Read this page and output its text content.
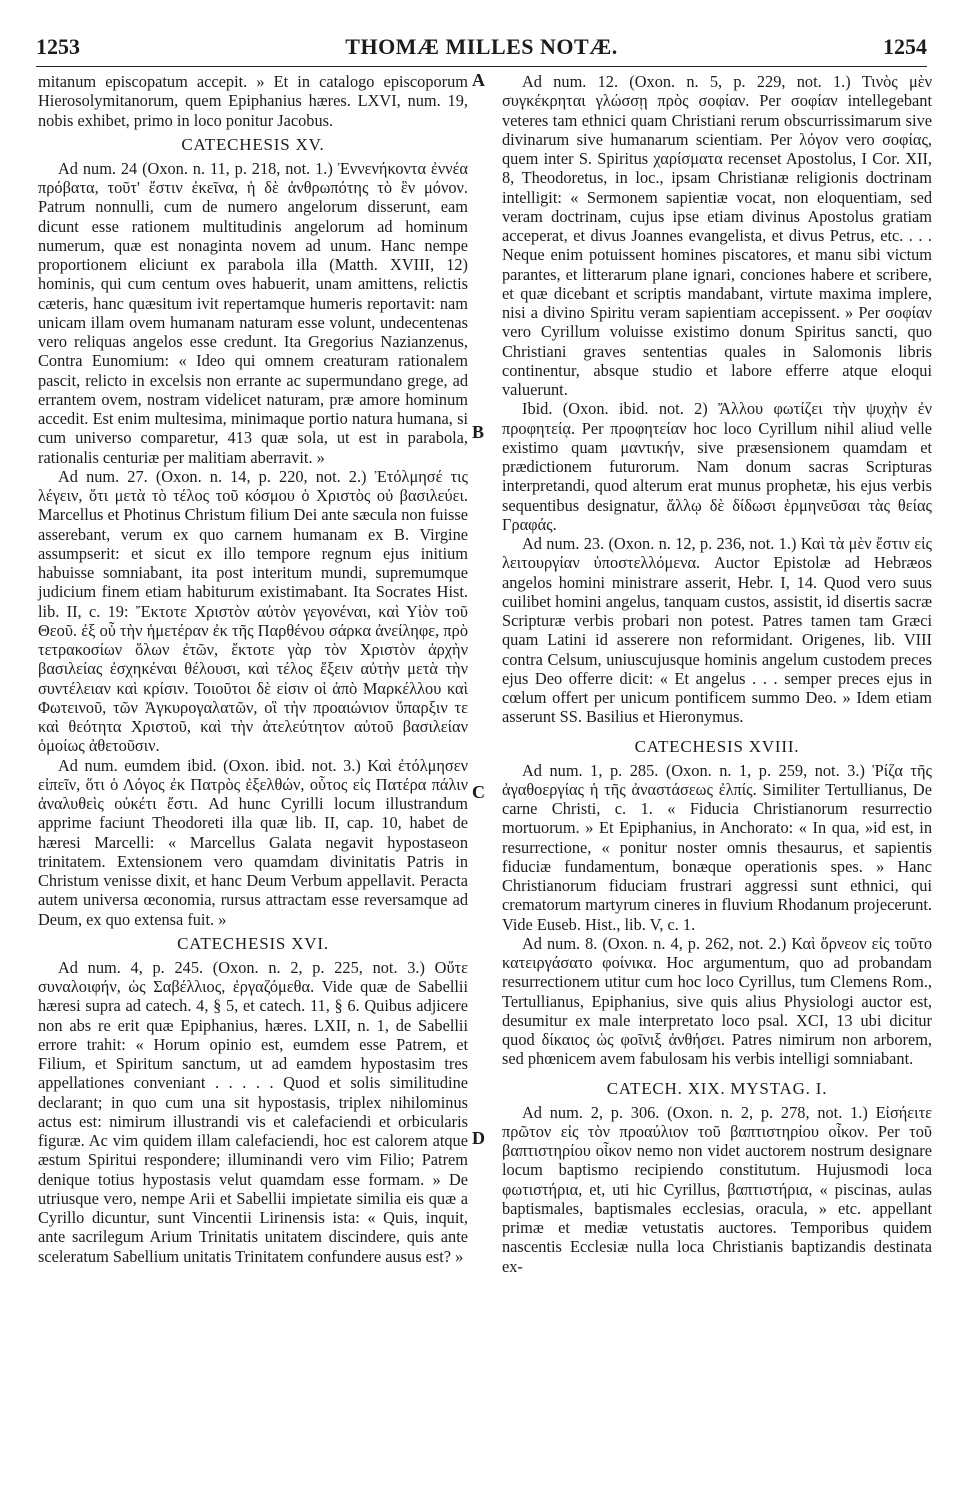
THOMÆ MILLES NOTÆ.
1253	1254
A
B
C
D

mitanum episcopatum accepit. » Et in catalogo episcoporum Hierosolymitanorum, quem Epiphanius hæres. LXVI, num. 19, nobis exhibet, primo in loco ponitur Jacobus.

CATECHESIS XV.

Ad num. 24 (Oxon. n. 11, p. 218, not. 1.) Ἐννενήκοντα ἐννέα πρόβατα, τοῦτ' ἔστιν ἐκεῖνα, ἡ δὲ ἀνθρωπότης τὸ ἓν μόνον. Patrum nonnulli, cum de numero angelorum disserunt, eam dicunt esse rationem multitudinis angelorum ad hominum numerum, quæ est nonaginta novem ad unum. Hanc nempe proportionem eliciunt ex parabola illa (Matth. XVIII, 12) hominis, qui cum centum oves habuerit, unam amittens, relictis cæteris, hanc quæsitum ivit repertamque humeris reportavit: nam unicam illam ovem humanam naturam esse volunt, undecentenas vero reliquas angelos esse credunt. Ita Gregorius Nazianzenus, Contra Eunomium: « Ideo qui omnem creaturam rationalem pascit, relicto in excelsis non errante ac supermundano grege, ad errantem ovem, nostram videlicet naturam, præ amore hominum accedit. Est enim multesima, minimaque portio natura humana, si cum universo comparetur, 413 quæ sola, ut est in parabola, rationalis centuriæ per malitiam aberravit. »

Ad num. 27. (Oxon. n. 14, p. 220, not. 2.) Ἐτόλμησέ τις λέγειν, ὅτι μετὰ τὸ τέλος τοῦ κόσμου ὁ Χριστὸς οὐ βασιλεύει. Marcellus et Photinus Christum filium Dei ante sæcula non fuisse asserebant, verum ex quo carnem humanam ex B. Virgine assumpserit: et sicut ex illo tempore regnum ejus initium habuisse somniabant, ita post interitum mundi, supremumque judicium finem etiam habiturum existimabant. Ita Socrates Hist. lib. II, c. 19: Ἔκτοτε Χριστὸν αὐτὸν γεγονέναι, καὶ Υἱὸν τοῦ Θεοῦ. ἐξ οὗ τὴν ἡμετέραν ἐκ τῆς Παρθένου σάρκα ἀνείληφε, πρὸ τετρακοσίων ὅλων ἐτῶν, ἔκτοτε γὰρ τὸν Χριστὸν ἀρχὴν βασιλείας ἐσχηκέναι θέλουσι, καὶ τέλος ἕξειν αὐτὴν μετὰ τὴν συντέλειαν καὶ κρίσιν. Τοιοῦτοι δὲ εἰσιν οἱ ἀπὸ Μαρκέλλου καὶ Φωτεινοῦ, τῶν Ἀγκυρογαλατῶν, οἳ τὴν προαιώνιον ὕπαρξιν τε καὶ θεότητα Χριστοῦ, καὶ τὴν ἀτελεύτητον αὐτοῦ βασιλείαν ὁμοίως ἀθετοῦσιν.

Ad num. eumdem ibid. (Oxon. ibid. not. 3.) Καὶ ἐτόλμησεν εἰπεῖν, ὅτι ὁ Λόγος ἐκ Πατρὸς ἐξελθών, οὗτος εἰς Πατέρα πάλιν ἀναλυθεὶς οὐκέτι ἔστι. Ad hunc Cyrilli locum illustrandum apprime faciunt Theodoreti illa quæ lib. II, cap. 10, habet de hæresi Marcelli: « Marcellus Galata negavit hypostaseon trinitatem. Extensionem vero quamdam divinitatis Patris in Christum venisse dixit, et hanc Deum Verbum appellavit. Peracta autem universa œconomia, rursus attractam esse reversamque ad Deum, ex quo extensa fuit. »

CATECHESIS XVI.

Ad num. 4, p. 245. (Oxon. n. 2, p. 225, not. 3.) Οὔτε συναλοιφήν, ὡς Σαβέλλιος, ἐργαζόμεθα. Vide quæ de Sabellii hæresi supra ad catech. 4, § 5, et catech. 11, § 6. Quibus adjicere non abs re erit quæ Epiphanius, hæres. LXII, n. 1, de Sabellii errore trahit: « Horum opinio est, eumdem esse Patrem, et Filium, et Spiritum sanctum, ut ad eamdem hypostasim tres appellationes conveniant . . . . . Quod et solis similitudine declarant; in quo cum una sit hypostasis, triplex nihilominus actus est: nimirum illustrandi vis et calefaciendi et orbicularis figuræ. Ac vim quidem illam calefaciendi, hoc est calorem atque æstum Spiritui respondere; illuminandi vero vim Filio; Patrem denique totius hypostasis velut quamdam esse formam. » De utriusque vero, nempe Arii et Sabellii impietate similia eis quæ a Cyrillo dicuntur, sunt Vincentii Lirinensis ista: « Quis, inquit, ante sacrilegum Arium Trinitatis unitatem discindere, quis ante sceleratum Sabellium unitatis Trinitatem confundere ausus est? »

Ad num. 12. (Oxon. n. 5, p. 229, not. 1.) Τινὸς μὲν συγκέκρηται γλώσσῃ πρὸς σοφίαν. Per σοφίαν intellegebant veteres tam ethnici quam Christiani rerum obscurrissimarum sive divinarum sive humanarum scientiam. Per λόγον vero σοφίας, quem inter S. Spiritus χαρίσματα recenset Apostolus, I Cor. XII, 8, Theodoretus, in loc., ipsam Christianæ religionis doctrinam intelligit: « Sermonem sapientiæ vocat, non eloquentiam, sed veram doctrinam, cujus ipse etiam divinus Apostolus gratiam acceperat, et divus Joannes evangelista, et divus Petrus, etc. . . . Neque enim potuissent homines piscatores, et manu sibi victum parantes, et litterarum plane ignari, conciones habere et scribere, et quæ dicebant et scriptis mandabant, virtute maxima implere, nisi a divino Spiritu veram sapientiam accepissent. » Per σοφίαν vero Cyrillum voluisse existimo donum Spiritus sancti, quo Christiani graves sententias quales in Salomonis libris continentur, absque studio et labore efferre atque eloqui valuerunt.

Ibid. (Oxon. ibid. not. 2) Ἄλλου φωτίζει τὴν ψυχὴν ἐν προφητείᾳ. Per προφητείαν hoc loco Cyrillum nihil aliud velle existimo quam μαντικήν, sive præsensionem quamdam et prædictionem futurorum. Nam donum sacras Scripturas interpretandi, quod alterum erat munus prophetæ, his ejus verbis sequentibus designatur, ἄλλῳ δὲ δίδωσι ἑρμηνεῦσαι τὰς θείας Γραφάς.

Ad num. 23. (Oxon. n. 12, p. 236, not. 1.) Καὶ τὰ μὲν ἔστιν εἰς λειτουργίαν ὑποστελλόμενα. Auctor Epistolæ ad Hebræos angelos homini ministrare asserit, Hebr. I, 14. Quod vero suus cuilibet homini angelus, tanquam custos, assistit, id disertis sacræ Scripturæ verbis probari non potest. Patres tamen tam Græci quam Latini id asserere non reformidant. Origenes, lib. VIII contra Celsum, uniuscujusque hominis angelum custodem preces ejus Deo offerre dicit: « Et angelus . . . semper preces ejus in cœlum offert per unicum pontificem summo Deo. » Idem etiam asserunt SS. Basilius et Hieronymus.

CATECHESIS XVIII.

Ad num. 1, p. 285. (Oxon. n. 1, p. 259, not. 3.) Ῥίζα τῆς ἀγαθοεργίας ἡ τῆς ἀναστάσεως ἐλπίς. Similiter Tertullianus, De carne Christi, c. 1. « Fiducia Christianorum resurrectio mortuorum. » Et Epiphanius, in Anchorato: « In qua, »id est, in resurrectione, « ponitur noster omnis thesaurus, et sapientis fiduciæ fundamentum, bonæque operationis spes. » Hanc Christianorum fiduciam frustrari aggressi sunt ethnici, qui crematorum martyrum cineres in fluvium Rhodanum projecerunt. Vide Euseb. Hist., lib. V, c. 1.

Ad num. 8. (Oxon. n. 4, p. 262, not. 2.) Καὶ ὄρνεον εἰς τοῦτο κατειργάσατο φοίνικα. Hoc argumentum, quo ad probandam resurrectionem utitur cum hoc loco Cyrillus, tum Clemens Rom., Tertullianus, Epiphanius, sive quis alius Physiologi auctor est, desumitur ex male interpretato loco psal. XCI, 13 ubi dicitur quod δίκαιος ὡς φοῖνιξ ἀνθήσει. Patres nimirum non arborem, sed phœnicem avem fabulosam his verbis intelligi somniabant.

CATECH. XIX. MYSTAG. I.

Ad num. 2, p. 306. (Oxon. n. 2, p. 278, not. 1.) Εἰσήειτε πρῶτον εἰς τὸν προαύλιον τοῦ βαπτιστηρίου οἶκον. Per τοῦ βαπτιστηρίου οἶκον nemo non videt auctorem nostrum designare locum baptismo recipiendo constitutum. Hujusmodi loca φωτιστήρια, et, uti hic Cyrillus, βαπτιστήρια, « piscinas, aulas baptismales, baptismales ecclesias, oracula, » etc. appellant primæ et mediæ vetustatis auctores. Temporibus quidem nascentis Ecclesiæ nulla loca Christianis baptizandis destinata ex-
